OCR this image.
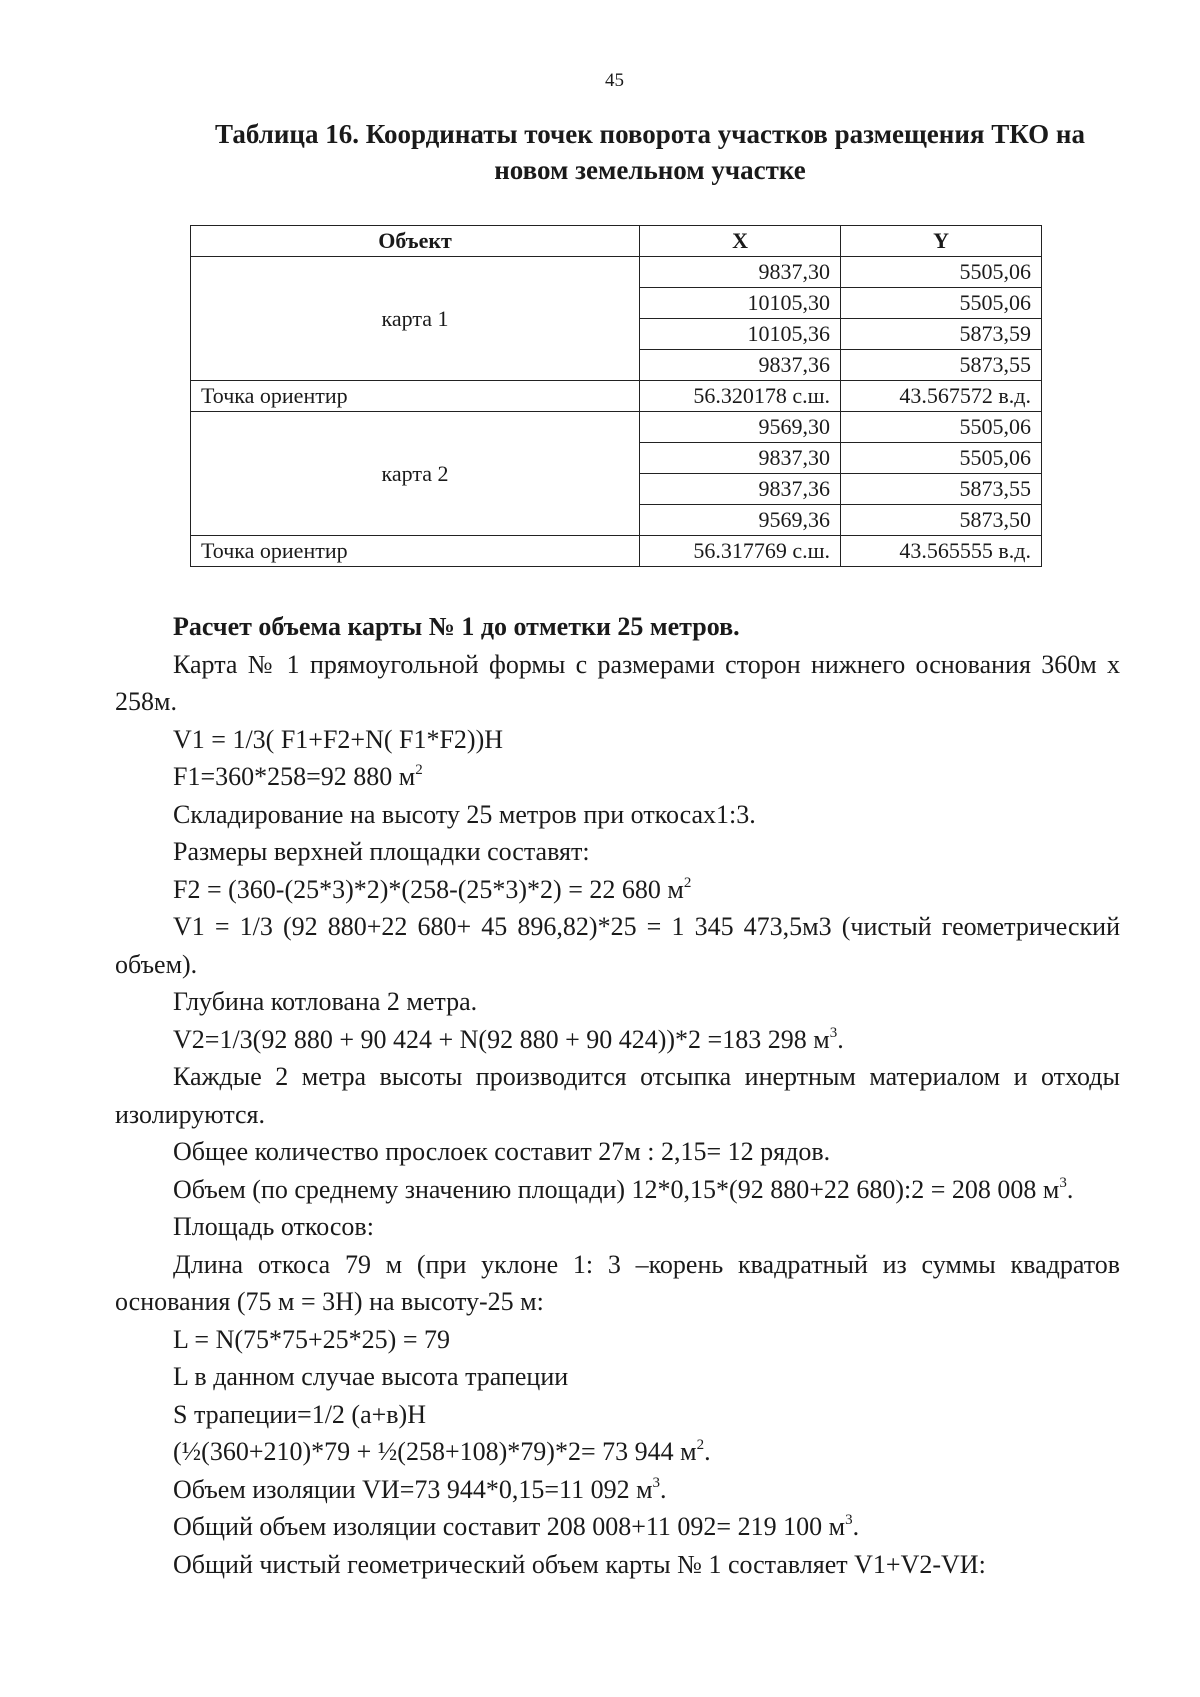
45
Таблица 16. Координаты точек поворота участков размещения ТКО на
новом земельном участке
Объект	X	Y
карта 1	9837,30	5505,06
	10105,30	5505,06
	10105,36	5873,59
	9837,36	5873,55
Точка ориентир	56.320178 с.ш.	43.567572 в.д.
карта 2	9569,30	5505,06
	9837,30	5505,06
	9837,36	5873,55
	9569,36	5873,50
Точка ориентир	56.317769 с.ш.	43.565555 в.д.

Расчет объема карты № 1 до отметки 25 метров.

Карта № 1 прямоугольной формы с размерами сторон нижнего основания 360м х 258м.

V1 = 1/3( F1+F2+N( F1*F2))H

F1=360*258=92 880 $м^2$

Складирование на высоту 25 метров при откосах1:3.

Размеры верхней площадки составят:

F2 = (360-(25*3)*2)*(258-(25*3)*2) = 22 680 $м^2$

V1 = 1/3 (92 880+22 680+ 45 896,82)*25 = 1 345 473,5м3 (чистый геометрический объем).

Глубина котлована 2 метра.

V2=1/3(92 880 + 90 424 + N(92 880 + 90 424))*2 =183 298 $м^3$.

Каждые 2 метра высоты производится отсыпка инертным материалом и отходы изолируются.

Общее количество прослоек составит 27м : 2,15= 12 рядов.

Объем (по среднему значению площади) 12*0,15*(92 880+22 680):2 = 208 008 $м^3$.

Площадь откосов:

Длина откоса 79 м (при уклоне 1: 3 –корень квадратный из суммы квадратов основания (75 м = 3Н) на высоту-25 м:

L = N(75*75+25*25) = 79

L в данном случае высота трапеции

S трапеции=1/2 (а+в)Н

(½(360+210)*79 + ½(258+108)*79)*2= 73 944 $м^2$.

Объем изоляции VИ=73 944*0,15=11 092 $м^3$.

Общий объем изоляции составит 208 008+11 092= 219 100 $м^3$.

Общий чистый геометрический объем карты № 1 составляет V1+V2-VИ:
